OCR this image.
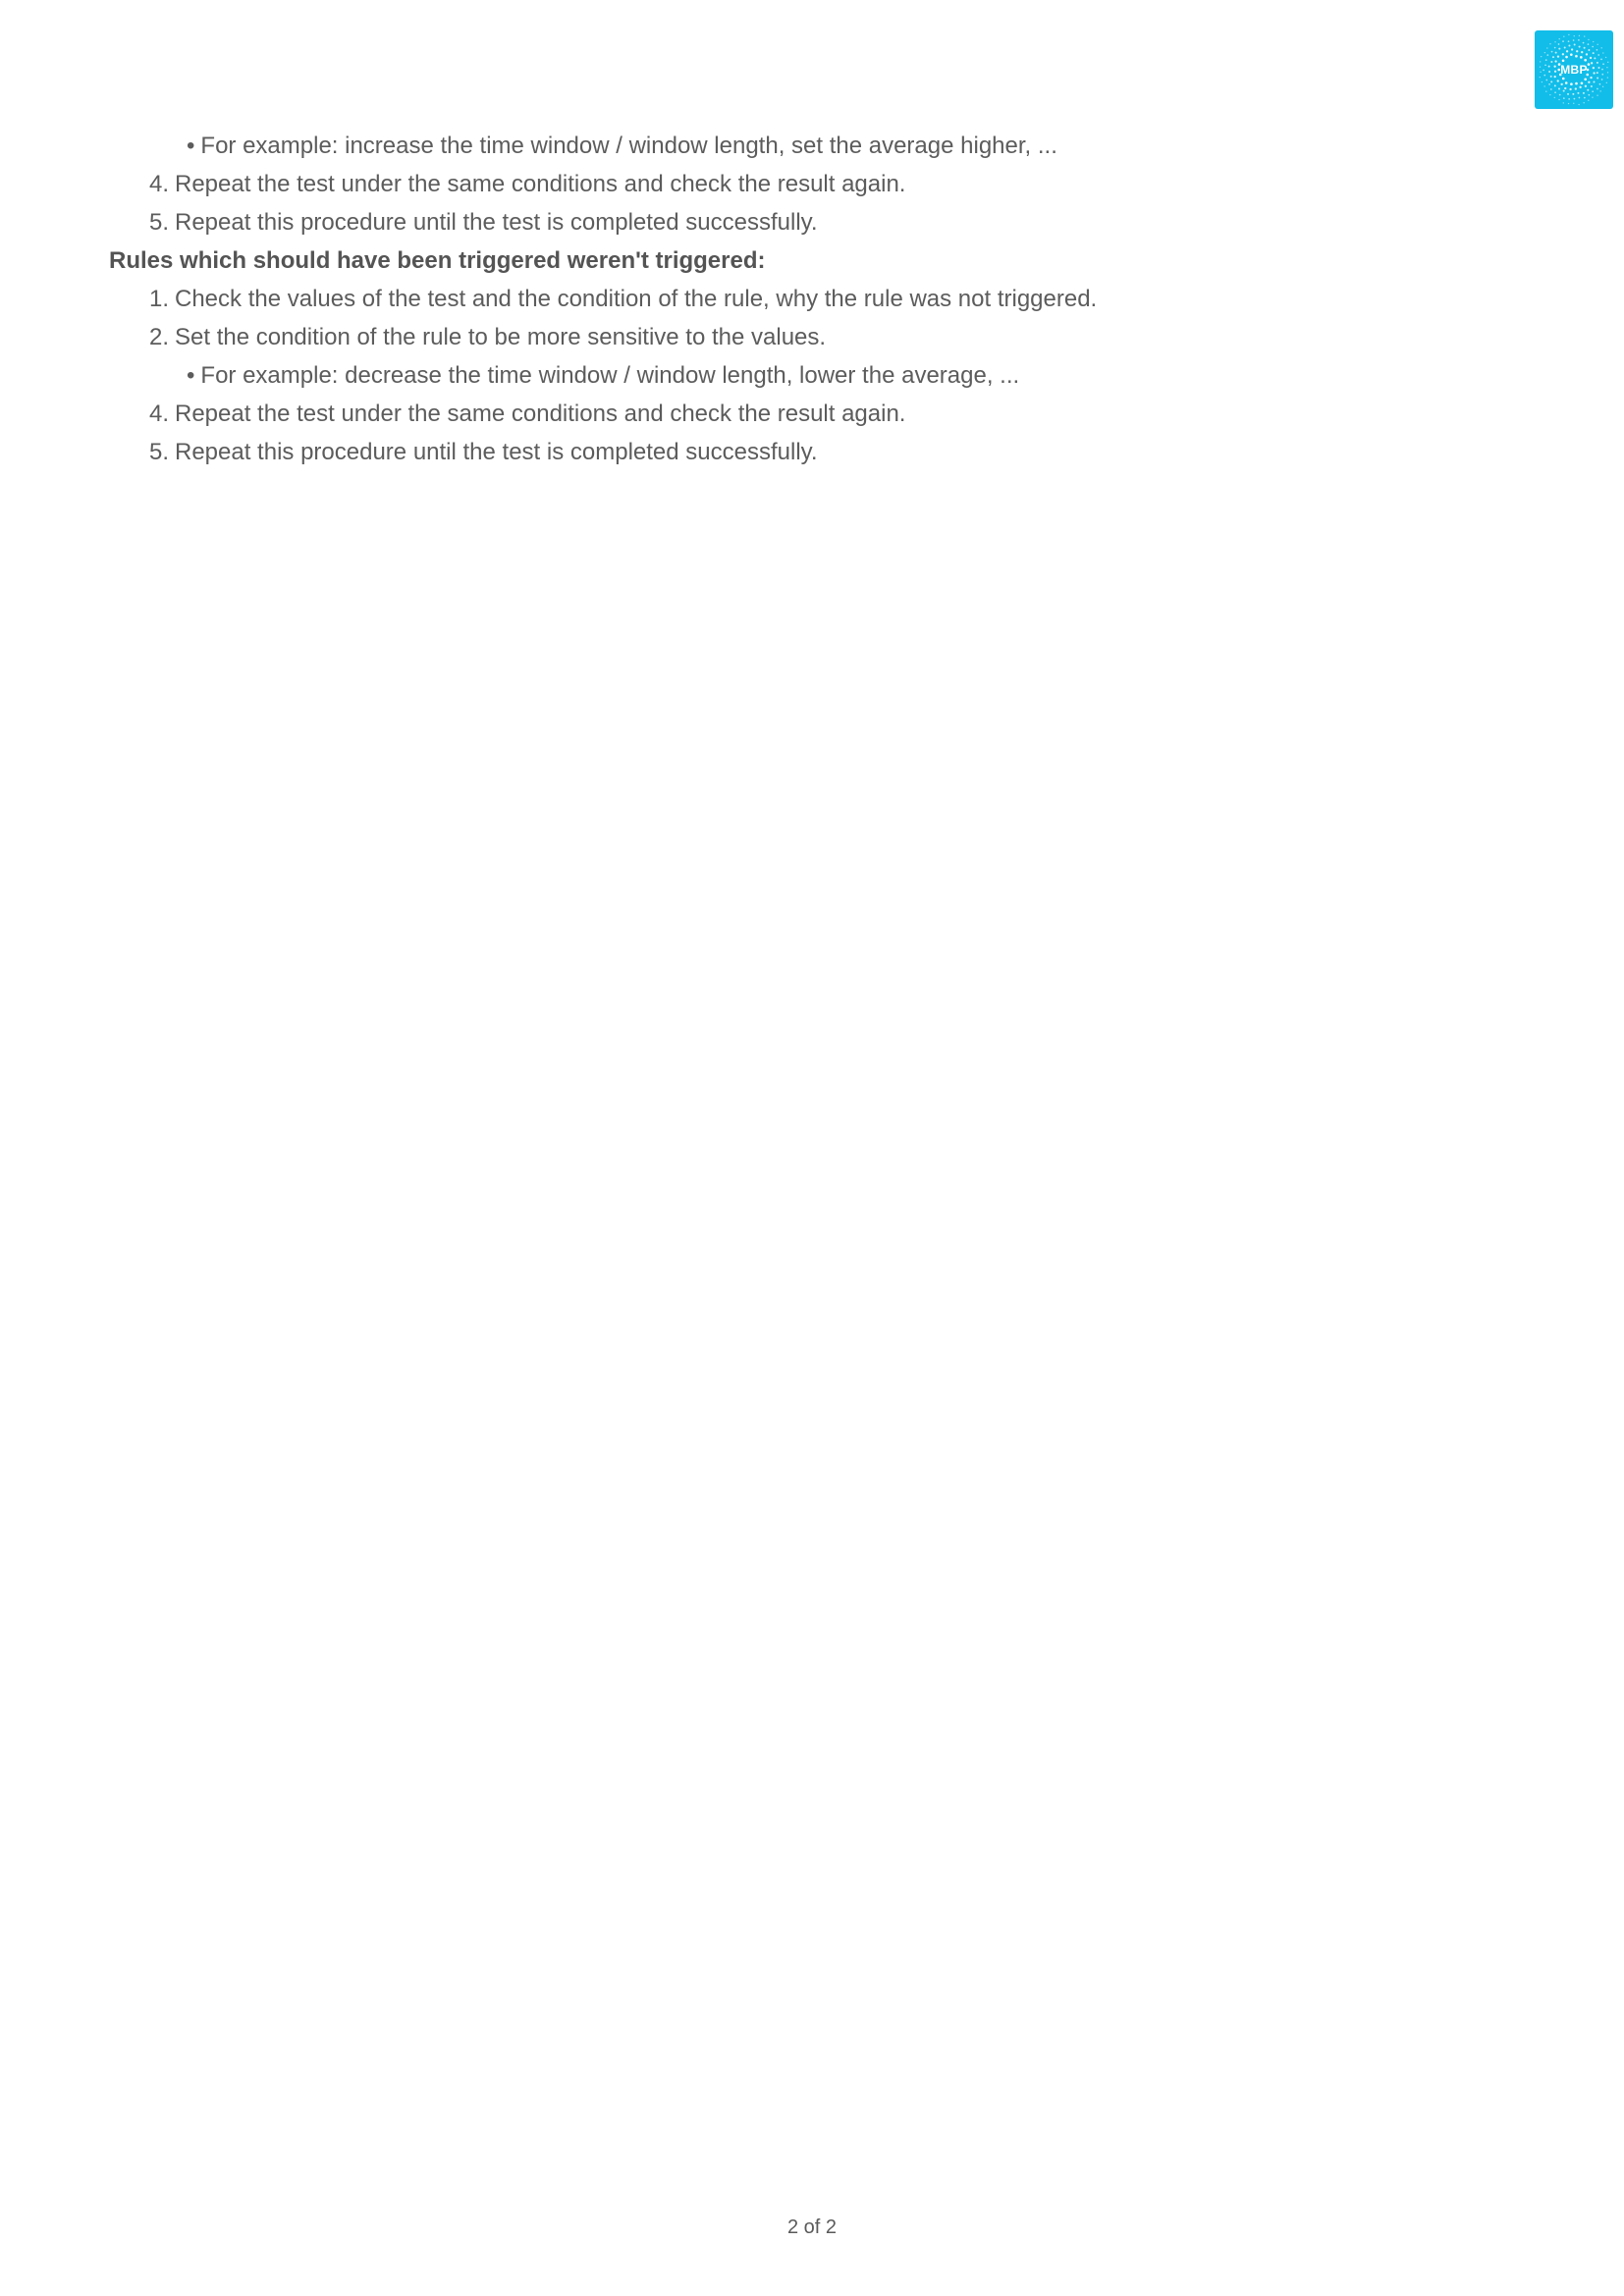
MBP
• For example: increase the time window / window length, set the average higher, ...
4. Repeat the test under the same conditions and check the result again.
5. Repeat this procedure until the test is completed successfully.
Rules which should have been triggered weren't triggered:
1. Check the values of the test and the condition of the rule, why the rule was not triggered.
2. Set the condition of the rule to be more sensitive to the values.
• For example: decrease the time window / window length, lower the average, ...
4. Repeat the test under the same conditions and check the result again.
5. Repeat this procedure until the test is completed successfully.
2 of 2
